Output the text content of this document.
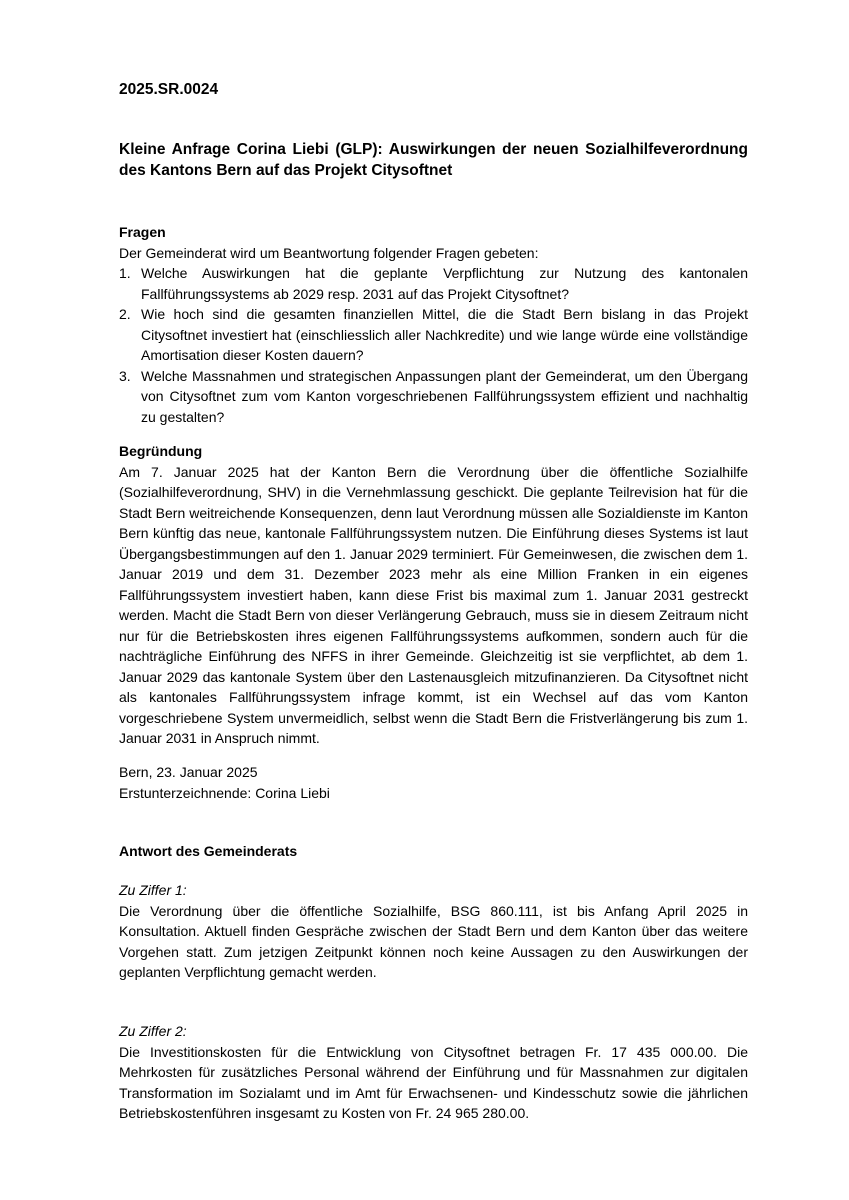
2025.SR.0024

Kleine Anfrage Corina Liebi (GLP): Auswirkungen der neuen Sozialhilfeverordnung des Kantons Bern auf das Projekt Citysoftnet

Fragen

Der Gemeinderat wird um Beantwortung folgender Fragen gebeten:

1. Welche Auswirkungen hat die geplante Verpflichtung zur Nutzung des kantonalen Fallführungssystems ab 2029 resp. 2031 auf das Projekt Citysoftnet?
2. Wie hoch sind die gesamten finanziellen Mittel, die die Stadt Bern bislang in das Projekt Citysoftnet investiert hat (einschliesslich aller Nachkredite) und wie lange würde eine vollständige Amortisation dieser Kosten dauern?
3. Welche Massnahmen und strategischen Anpassungen plant der Gemeinderat, um den Übergang von Citysoftnet zum vom Kanton vorgeschriebenen Fallführungssystem effizient und nachhaltig zu gestalten?

Begründung

Am 7. Januar 2025 hat der Kanton Bern die Verordnung über die öffentliche Sozialhilfe (Sozialhilfeverordnung, SHV) in die Vernehmlassung geschickt. Die geplante Teilrevision hat für die Stadt Bern weitreichende Konsequenzen, denn laut Verordnung müssen alle Sozialdienste im Kanton Bern künftig das neue, kantonale Fallführungssystem nutzen. Die Einführung dieses Systems ist laut Übergangsbestimmungen auf den 1. Januar 2029 terminiert. Für Gemeinwesen, die zwischen dem 1. Januar 2019 und dem 31. Dezember 2023 mehr als eine Million Franken in ein eigenes Fallführungssystem investiert haben, kann diese Frist bis maximal zum 1. Januar 2031 gestreckt werden. Macht die Stadt Bern von dieser Verlängerung Gebrauch, muss sie in diesem Zeitraum nicht nur für die Betriebskosten ihres eigenen Fallführungssystems aufkommen, sondern auch für die nachträgliche Einführung des NFFS in ihrer Gemeinde. Gleichzeitig ist sie verpflichtet, ab dem 1. Januar 2029 das kantonale System über den Lastenausgleich mitzufinanzieren. Da Citysoftnet nicht als kantonales Fallführungssystem infrage kommt, ist ein Wechsel auf das vom Kanton vorgeschriebene System unvermeidlich, selbst wenn die Stadt Bern die Fristverlängerung bis zum 1. Januar 2031 in Anspruch nimmt.

Bern, 23. Januar 2025

Erstunterzeichnende: Corina Liebi

Antwort des Gemeinderats

Zu Ziffer 1:

Die Verordnung über die öffentliche Sozialhilfe, BSG 860.111, ist bis Anfang April 2025 in Konsultation. Aktuell finden Gespräche zwischen der Stadt Bern und dem Kanton über das weitere Vorgehen statt. Zum jetzigen Zeitpunkt können noch keine Aussagen zu den Auswirkungen der geplanten Verpflichtung gemacht werden.

Zu Ziffer 2:

Die Investitionskosten für die Entwicklung von Citysoftnet betragen Fr. 17 435 000.00. Die Mehrkosten für zusätzliches Personal während der Einführung und für Massnahmen zur digitalen Transformation im Sozialamt und im Amt für Erwachsenen- und Kindesschutz sowie die jährlichen Betriebskostenführen insgesamt zu Kosten von Fr. 24 965 280.00.
